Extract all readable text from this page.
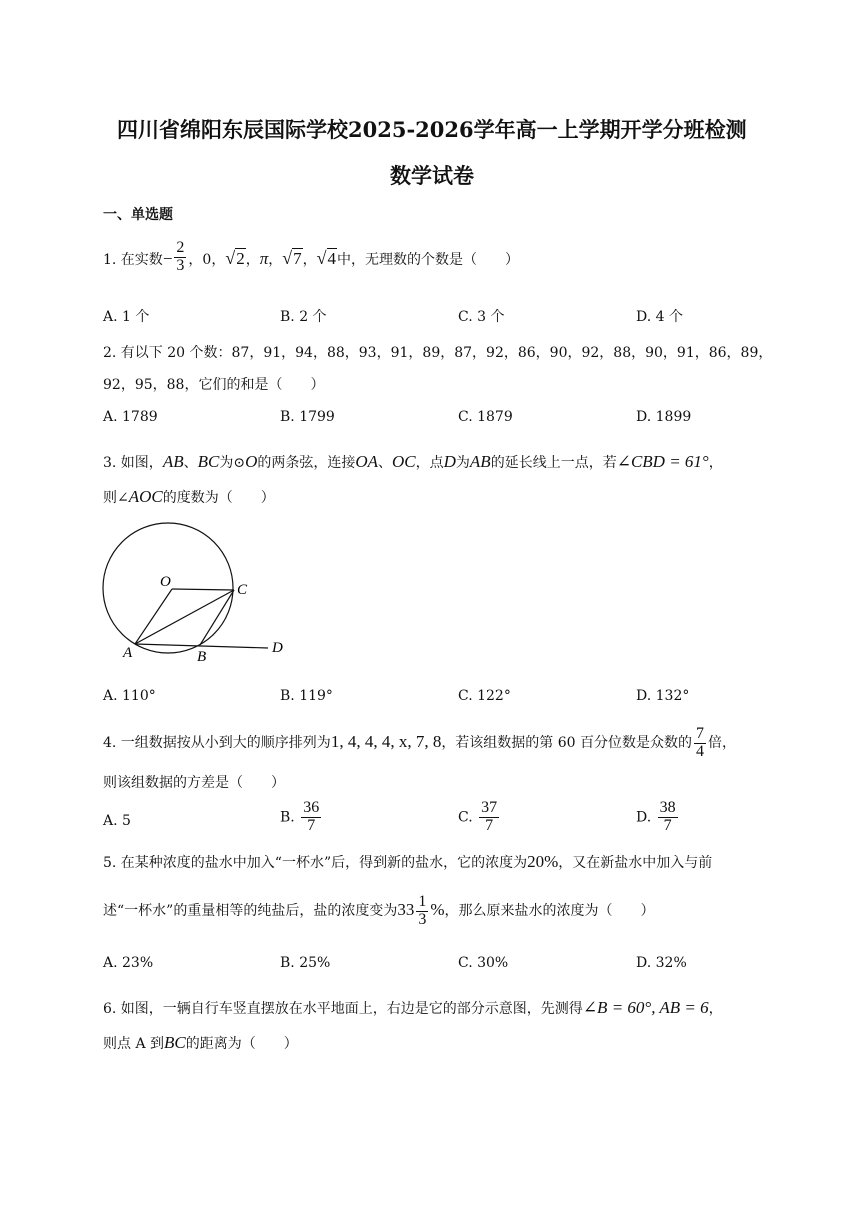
四川省绵阳东辰国际学校2025-2026学年高一上学期开学分班检测
数学试卷
一、单选题
1. 在实数− $\frac{2}{3}$ ，0，√2，π，√7，√4中，无理数的个数是（　　）
A. 1 个	B. 2 个	C. 3 个	D. 4 个
2. 有以下 20 个数：87，91，94，88，93，91，89，87，92，86，90，92，88，90，91，86，89，
92，95，88，它们的和是（　　）
A. 1789	B. 1799	C. 1879	D. 1899
3. 如图，AB、BC为⊙O的两条弦，连接OA、OC，点D为AB的延长线上一点，若∠CBD = 61°，
则∠AOC的度数为（　　）
O	C
A	B
D
A. 110°	B. 119°	C. 122°	D. 132°
4. 一组数据按从小到大的顺序排列为1, 4, 4, 4, x, 7, 8，若该组数据的第 60 百分位数是众数的 $\frac{7}{4}$ 倍，
则该组数据的方差是（　　）
A. 5	B. $\frac{36}{7}$	C. $\frac{37}{7}$	D. $\frac{38}{7}$
5. 在某种浓度的盐水中加入“一杯水”后，得到新的盐水，它的浓度为20%，又在新盐水中加入与前
述“一杯水”的重量相等的纯盐后，盐的浓度变为$33 \frac{1}{3}$ %，那么原来盐水的浓度为（　　）
A. 23%	B. 25%	C. 30%	D. 32%
6. 如图，一辆自行车竖直摆放在水平地面上，右边是它的部分示意图，先测得∠B = 60°, AB = 6，
则点 A 到BC的距离为（　　）
